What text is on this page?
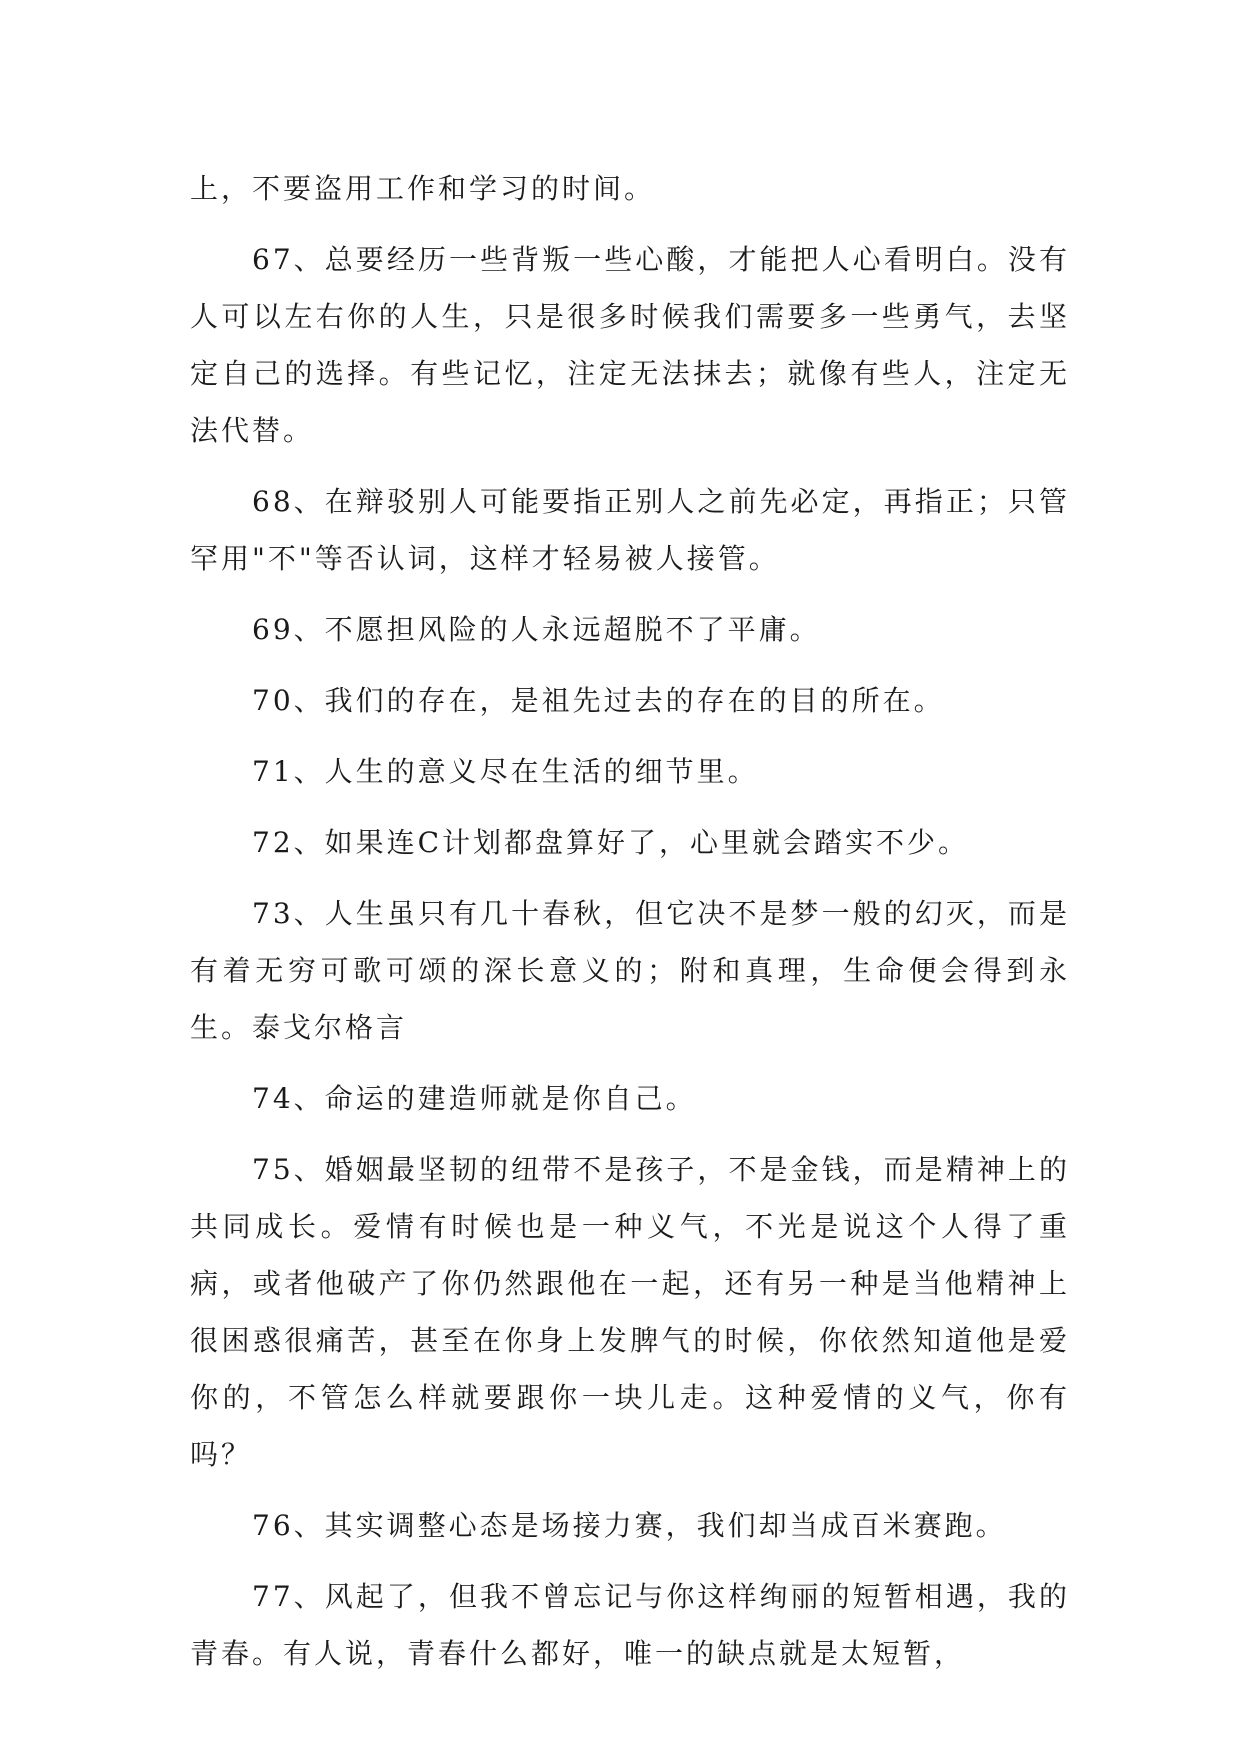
上，不要盗用工作和学习的时间。

67、总要经历一些背叛一些心酸，才能把人心看明白。没有人可以左右你的人生，只是很多时候我们需要多一些勇气，去坚定自己的选择。有些记忆，注定无法抹去；就像有些人，注定无法代替。

68、在辩驳别人可能要指正别人之前先必定，再指正；只管罕用"不"等否认词，这样才轻易被人接管。

69、不愿担风险的人永远超脱不了平庸。

70、我们的存在，是祖先过去的存在的目的所在。

71、人生的意义尽在生活的细节里。

72、如果连C计划都盘算好了，心里就会踏实不少。

73、人生虽只有几十春秋，但它决不是梦一般的幻灭，而是有着无穷可歌可颂的深长意义的；附和真理，生命便会得到永生。泰戈尔格言

74、命运的建造师就是你自己。

75、婚姻最坚韧的纽带不是孩子，不是金钱，而是精神上的共同成长。爱情有时候也是一种义气，不光是说这个人得了重病，或者他破产了你仍然跟他在一起，还有另一种是当他精神上很困惑很痛苦，甚至在你身上发脾气的时候，你依然知道他是爱你的，不管怎么样就要跟你一块儿走。这种爱情的义气，你有吗？

76、其实调整心态是场接力赛，我们却当成百米赛跑。

77、风起了，但我不曾忘记与你这样绚丽的短暂相遇，我的青春。有人说，青春什么都好，唯一的缺点就是太短暂，
